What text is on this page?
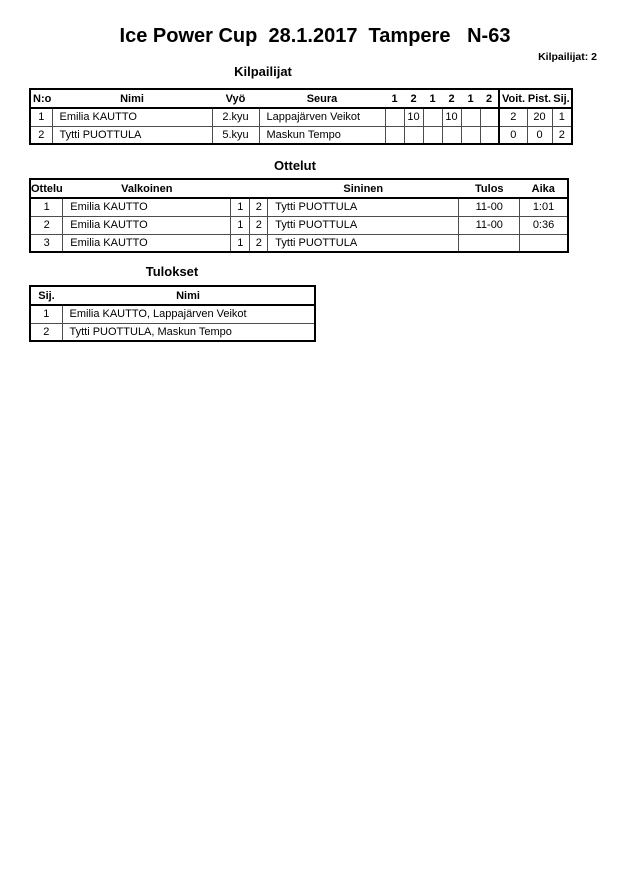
Ice Power Cup  28.1.2017  Tampere   N-63
Kilpailijat: 2
Kilpailijat
N:o	Nimi	Vyö	Seura	1	2	1	2	1	2	Voit.	Pist.	Sij.
1	Emilia KAUTTO	2.kyu	Lappajärven Veikot		10		10			2	20	1
2	Tytti PUOTTULA	5.kyu	Maskun Tempo							0	0	2
Ottelut
Ottelu	Valkoinen			Sininen	Tulos	Aika
1	Emilia KAUTTO	1	2	Tytti PUOTTULA	11-00	1:01
2	Emilia KAUTTO	1	2	Tytti PUOTTULA	11-00	0:36
3	Emilia KAUTTO	1	2	Tytti PUOTTULA		
Tulokset
Sij.	Nimi
1	Emilia KAUTTO, Lappajärven Veikot
2	Tytti PUOTTULA, Maskun Tempo
